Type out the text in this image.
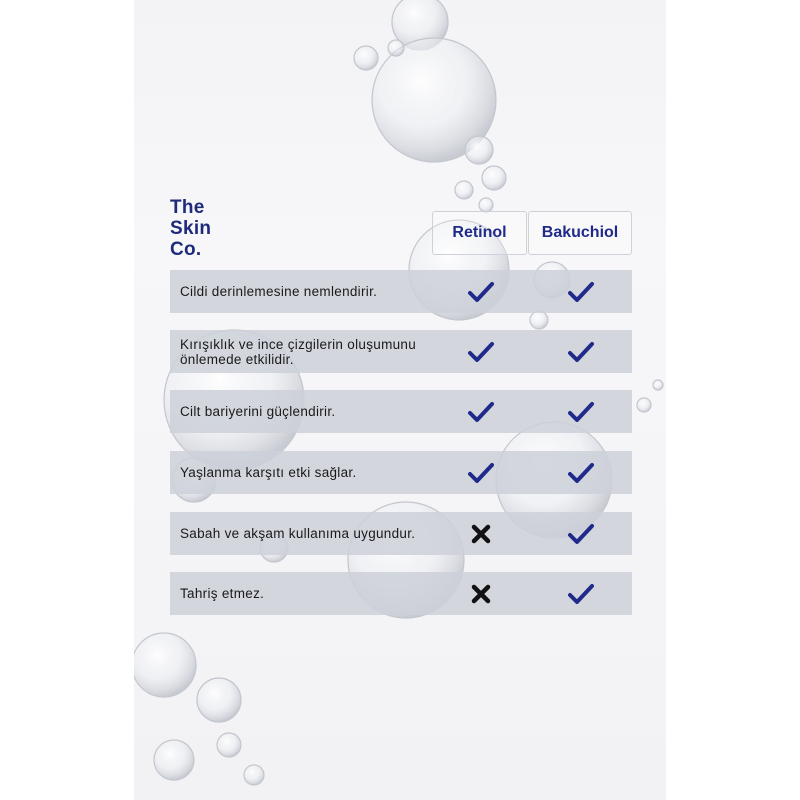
The
Skin
Co.
Retinol	Bakuchiol
Cildi derinlemesine nemlendirir.
Kırışıklık ve ince çizgilerin oluşumunu önlemede etkilidir.
Cilt bariyerini güçlendirir.
Yaşlanma karşıtı etki sağlar.
Sabah ve akşam kullanıma uygundur.
Tahriş etmez.
